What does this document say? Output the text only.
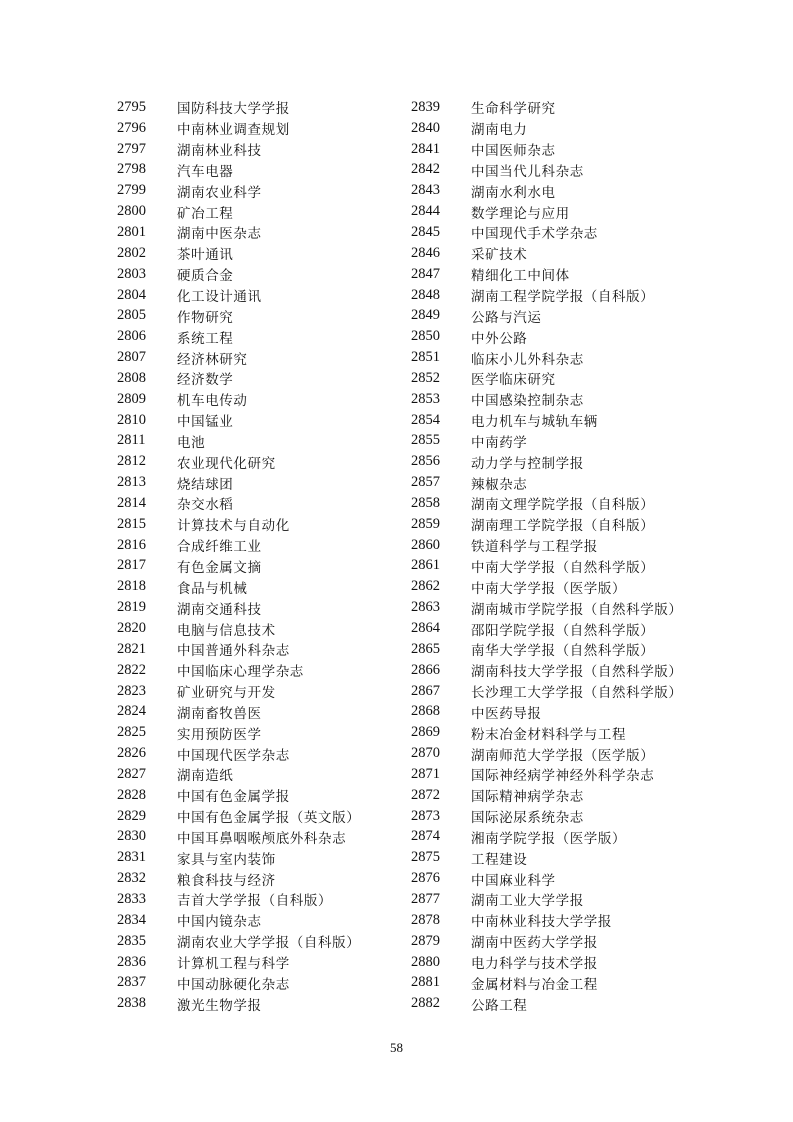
2795	国防科技大学学报
2796	中南林业调查规划
2797	湖南林业科技
2798	汽车电器
2799	湖南农业科学
2800	矿冶工程
2801	湖南中医杂志
2802	茶叶通讯
2803	硬质合金
2804	化工设计通讯
2805	作物研究
2806	系统工程
2807	经济林研究
2808	经济数学
2809	机车电传动
2810	中国锰业
2811	电池
2812	农业现代化研究
2813	烧结球团
2814	杂交水稻
2815	计算技术与自动化
2816	合成纤维工业
2817	有色金属文摘
2818	食品与机械
2819	湖南交通科技
2820	电脑与信息技术
2821	中国普通外科杂志
2822	中国临床心理学杂志
2823	矿业研究与开发
2824	湖南畜牧兽医
2825	实用预防医学
2826	中国现代医学杂志
2827	湖南造纸
2828	中国有色金属学报
2829	中国有色金属学报（英文版）
2830	中国耳鼻咽喉颅底外科杂志
2831	家具与室内装饰
2832	粮食科技与经济
2833	吉首大学学报（自科版）
2834	中国内镜杂志
2835	湖南农业大学学报（自科版）
2836	计算机工程与科学
2837	中国动脉硬化杂志
2838	激光生物学报
2839	生命科学研究
2840	湖南电力
2841	中国医师杂志
2842	中国当代儿科杂志
2843	湖南水利水电
2844	数学理论与应用
2845	中国现代手术学杂志
2846	采矿技术
2847	精细化工中间体
2848	湖南工程学院学报（自科版）
2849	公路与汽运
2850	中外公路
2851	临床小儿外科杂志
2852	医学临床研究
2853	中国感染控制杂志
2854	电力机车与城轨车辆
2855	中南药学
2856	动力学与控制学报
2857	辣椒杂志
2858	湖南文理学院学报（自科版）
2859	湖南理工学院学报（自科版）
2860	铁道科学与工程学报
2861	中南大学学报（自然科学版）
2862	中南大学学报（医学版）
2863	湖南城市学院学报（自然科学版）
2864	邵阳学院学报（自然科学版）
2865	南华大学学报（自然科学版）
2866	湖南科技大学学报（自然科学版）
2867	长沙理工大学学报（自然科学版）
2868	中医药导报
2869	粉末冶金材料科学与工程
2870	湖南师范大学学报（医学版）
2871	国际神经病学神经外科学杂志
2872	国际精神病学杂志
2873	国际泌尿系统杂志
2874	湘南学院学报（医学版）
2875	工程建设
2876	中国麻业科学
2877	湖南工业大学学报
2878	中南林业科技大学学报
2879	湖南中医药大学学报
2880	电力科学与技术学报
2881	金属材料与冶金工程
2882	公路工程
58
